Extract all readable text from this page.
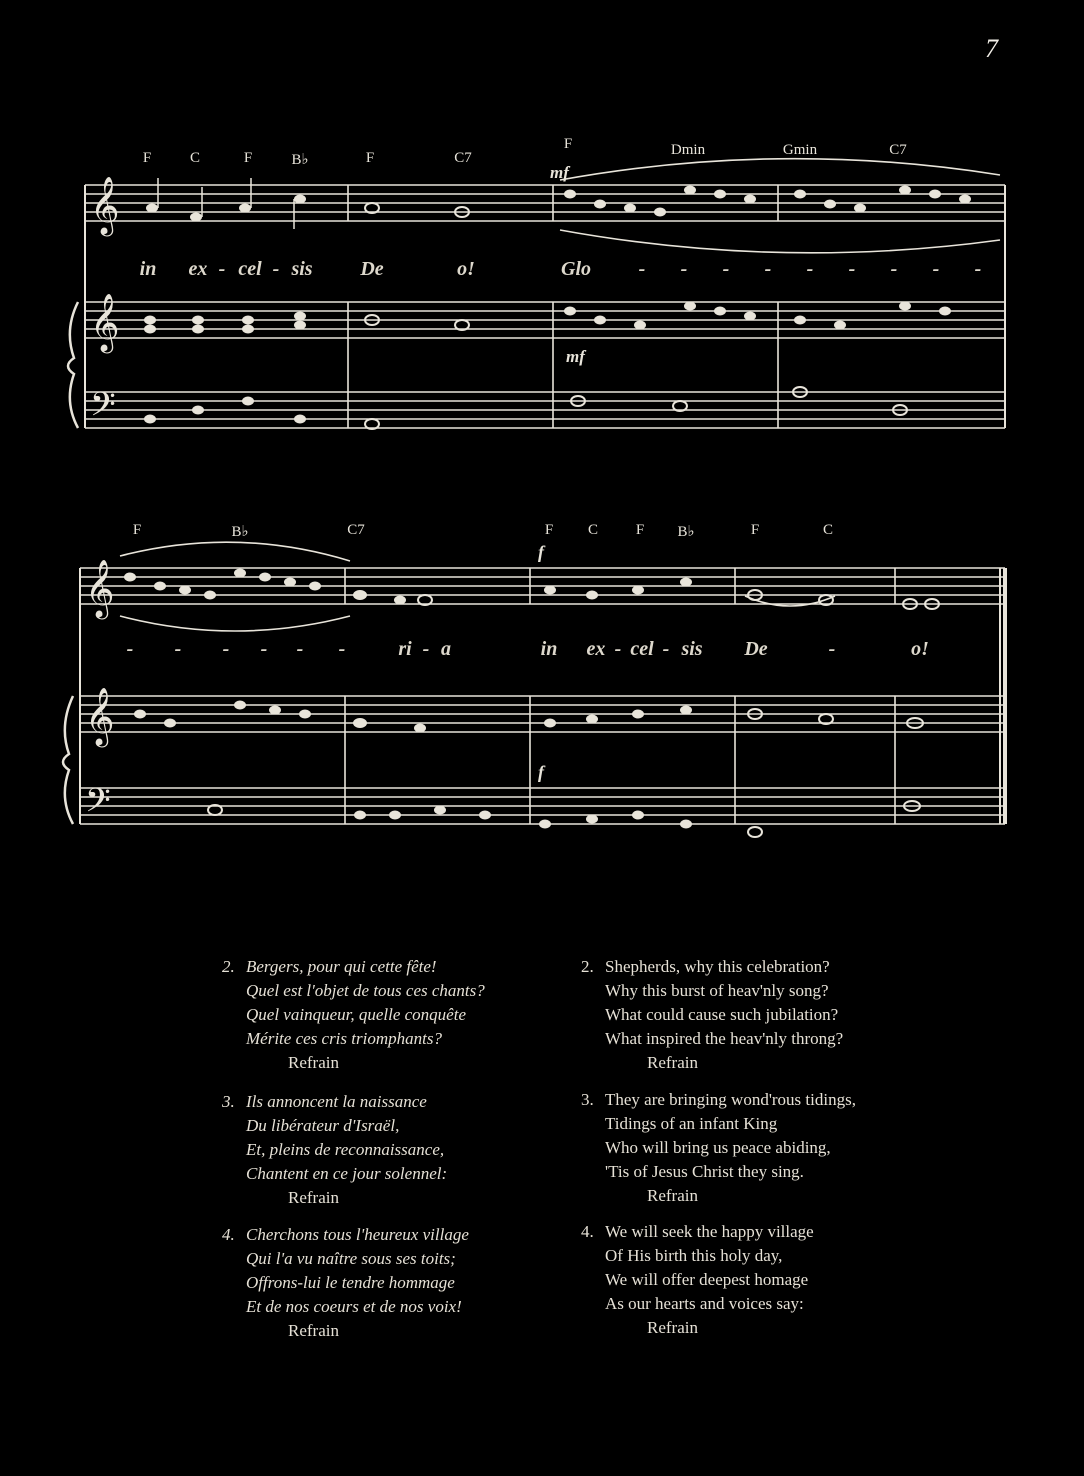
7
F	C	F	B♭	F	C7
F	Dmin	Gmin	C7
𝄞
𝄞
𝄢
mf
mf
in ex - cel - sis De	o!	Glo - - - - - - - - -
F	B♭	C7	F C	F B♭	F	C
𝄞
𝄞
𝄢
f
f
- - - - - -	ri - a	in ex - cel - sis De	-	o!
2. Bergers, pour qui cette fête!
Quel est l'objet de tous ces chants?
Quel vainqueur, quelle conquête
Mérite ces cris triomphants?
Refrain
3. Ils annoncent la naissance
Du libérateur d'Israël,
Et, pleins de reconnaissance,
Chantent en ce jour solennel:
Refrain
4. Cherchons tous l'heureux village
Qui l'a vu naître sous ses toits;
Offrons-lui le tendre hommage
Et de nos coeurs et de nos voix!
Refrain
2. Shepherds, why this celebration?
Why this burst of heav'nly song?
What could cause such jubilation?
What inspired the heav'nly throng?
Refrain
3. They are bringing wond'rous tidings,
Tidings of an infant King
Who will bring us peace abiding,
'Tis of Jesus Christ they sing.
Refrain
4. We will seek the happy village
Of His birth this holy day,
We will offer deepest homage
As our hearts and voices say:
Refrain
